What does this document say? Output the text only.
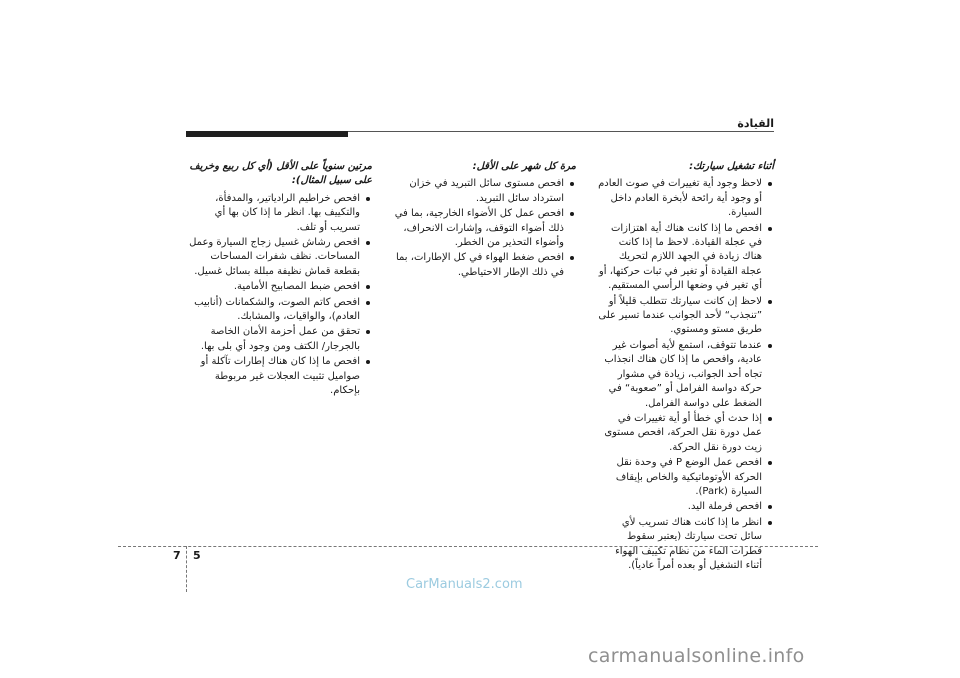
القيادة
أثناء تشغيل سيارتك:
لاحظ وجود أية تغييرات في صوت العادم أو وجود أية رائحة لأبخرة العادم داخل السيارة.
افحص ما إذا كانت هناك أية اهتزازات في عجلة القيادة. لاحظ ما إذا كانت هناك زيادة في الجهد اللازم لتحريك عجلة القيادة أو تغير في ثبات حركتها، أو أي تغير في وضعها الرأسي المستقيم.
لاحظ إن كانت سيارتك تتطلب قليلاً أو ”تنجذب“ لأحد الجوانب عندما تسير على طريق مستو ومستوي.
عندما تتوقف، استمع لأية أصوات غير عادية، وافحص ما إذا كان هناك انجذاب تجاه أحد الجوانب، زيادة في مشوار حركة دواسة الفرامل أو ”صعوبة“ في الضغط على دواسة الفرامل.
إذا حدث أي خطأ أو أية تغييرات في عمل دورة نقل الحركة، افحص مستوى زيت دورة نقل الحركة.
افحص عمل الوضع P في وحدة نقل الحركة الأوتوماتيكية والخاص بإيقاف السيارة (Park).
افحص فرملة اليد.
انظر ما إذا كانت هناك تسريب لأي سائل تحت سيارتك (يعتبر سقوط قطرات الماء من نظام تكييف الهواء أثناء التشغيل أو بعده أمراً عادياً).
مرة كل شهر على الأقل:
افحص مستوى سائل التبريد في خزان استرداد سائل التبريد.
افحص عمل كل الأضواء الخارجية، بما في ذلك أضواء التوقف، وإشارات الانحراف، وأضواء التحذير من الخطر.
افحص ضغط الهواء في كل الإطارات، بما في ذلك الإطار الاحتياطي.
مرتين سنوياً على الأقل (أي كل ربيع وخريف على سبيل المثال):
افحص خراطيم الرادياتير، والمدفأة، والتكييف بها. انظر ما إذا كان بها أي تسريب أو تلف.
افحص رشاش غسيل زجاج السيارة وعمل المساحات. نظف شفرات المساحات بقطعة قماش نظيفة مبللة بسائل غسيل.
افحص ضبط المصابيح الأمامية.
افحص كاتم الصوت، والشكمانات (أنابيب العادم)، والواقيات، والمشابك.
تحقق من عمل أحزمة الأمان الخاصة بالجرجار/ الكتف ومن وجود أي بلى بها.
افحص ما إذا كان هناك إطارات تآكلة أو صواميل تثبيت العجلات غير مربوطة بإحكام.
7 5
CarManuals2.com
carmanualsonline.info
